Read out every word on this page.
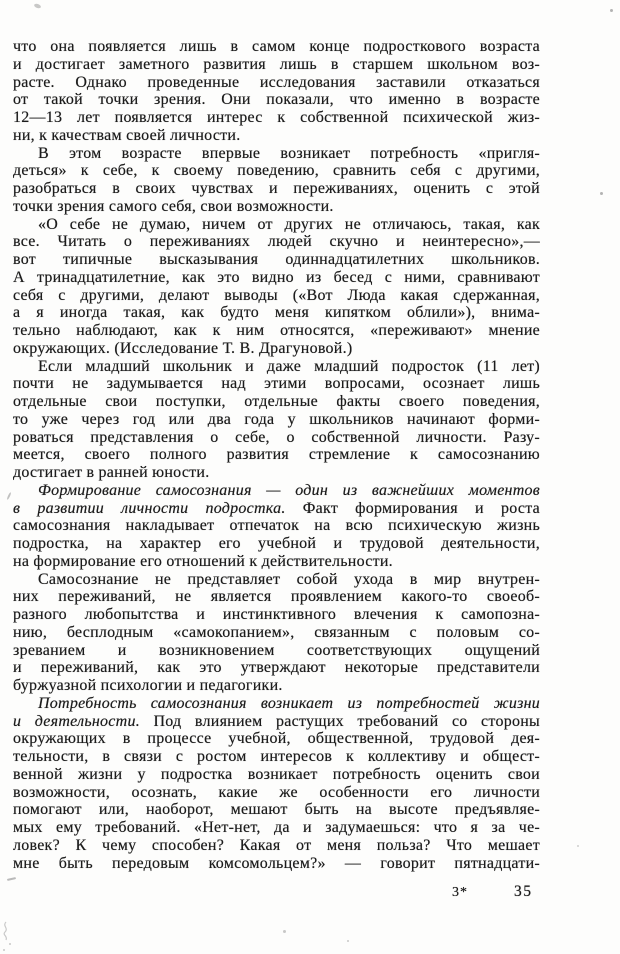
что она появляется лишь в самом конце подросткового возраста
и достигает заметного развития лишь в старшем школьном воз-
расте. Однако проведенные исследования заставили отказаться
от такой точки зрения. Они показали, что именно в возрасте
12—13 лет появляется интерес к собственной психической жиз-
ни, к качествам своей личности.
В этом возрасте впервые возникает потребность «пригля-
деться» к себе, к своему поведению, сравнить себя с другими,
разобраться в своих чувствах и переживаниях, оценить с этой
точки зрения самого себя, свои возможности.
«О себе не думаю, ничем от других не отличаюсь, такая, как
все. Читать о переживаниях людей скучно и неинтересно»,—
вот типичные высказывания одиннадцатилетних школьников.
А тринадцатилетние, как это видно из бесед с ними, сравнивают
себя с другими, делают выводы («Вот Люда какая сдержанная,
а я иногда такая, как будто меня кипятком облили»), внима-
тельно наблюдают, как к ним относятся, «переживают» мнение
окружающих. (Исследование Т. В. Драгуновой.)
Если младший школьник и даже младший подросток (11 лет)
почти не задумывается над этими вопросами, осознает лишь
отдельные свои поступки, отдельные факты своего поведения,
то уже через год или два года у школьников начинают форми-
роваться представления о себе, о собственной личности. Разу-
меется, своего полного развития стремление к самосознанию
достигает в ранней юности.
Формирование самосознания — один из важнейших моментов
в развитии личности подростка. Факт формирования и роста
самосознания накладывает отпечаток на всю психическую жизнь
подростка, на характер его учебной и трудовой деятельности,
на формирование его отношений к действительности.
Самосознание не представляет собой ухода в мир внутрен-
них переживаний, не является проявлением какого-то своеоб-
разного любопытства и инстинктивного влечения к самопозна-
нию, бесплодным «самокопанием», связанным с половым со-
зреванием и возникновением соответствующих ощущений
и переживаний, как это утверждают некоторые представители
буржуазной психологии и педагогики.
Потребность самосознания возникает из потребностей жизни
и деятельности. Под влиянием растущих требований со стороны
окружающих в процессе учебной, общественной, трудовой дея-
тельности, в связи с ростом интересов к коллективу и общест-
венной жизни у подростка возникает потребность оценить свои
возможности, осознать, какие же особенности его личности
помогают или, наоборот, мешают быть на высоте предъявляе-
мых ему требований. «Нет-нет, да и задумаешься: что я за че-
ловек? К чему способен? Какая от меня польза? Что мешает
мне быть передовым комсомольцем?» — говорит пятнадцати-
3*	35
